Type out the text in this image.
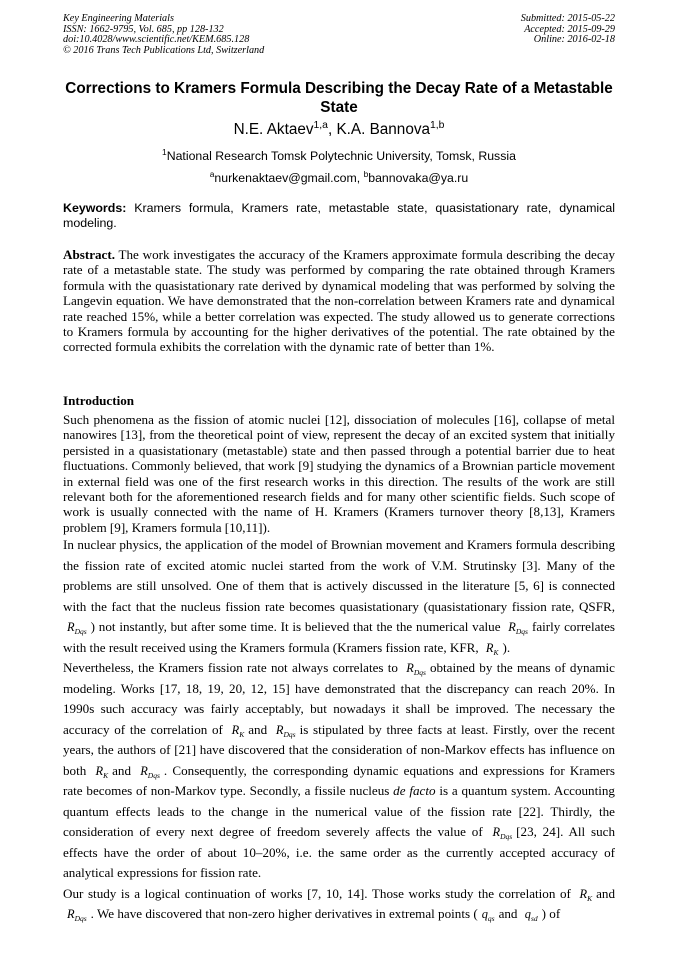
Key Engineering Materials
ISSN: 1662-9795, Vol. 685, pp 128-132
doi:10.4028/www.scientific.net/KEM.685.128
© 2016 Trans Tech Publications Ltd, Switzerland
Submitted: 2015-05-22
Accepted: 2015-09-29
Online: 2016-02-18
Corrections to Kramers Formula Describing the Decay Rate of a Metastable State
N.E. Aktaev$^{1,a}$, K.A. Bannova$^{1,b}$
$^1$National Research Tomsk Polytechnic University, Tomsk, Russia
$^a$nurkenaktaev@gmail.com, $^b$bannovaka@ya.ru
Keywords: Kramers formula, Kramers rate, metastable state, quasistationary rate, dynamical modeling.
Abstract. The work investigates the accuracy of the Kramers approximate formula describing the decay rate of a metastable state. The study was performed by comparing the rate obtained through Kramers formula with the quasistationary rate derived by dynamical modeling that was performed by solving the Langevin equation. We have demonstrated that the non-correlation between Kramers rate and dynamical rate reached 15%, while a better correlation was expected. The study allowed us to generate corrections to Kramers formula by accounting for the higher derivatives of the potential. The rate obtained by the corrected formula exhibits the correlation with the dynamic rate of better than 1%.
Introduction

Such phenomena as the fission of atomic nuclei [12], dissociation of molecules [16], collapse of metal nanowires [13], from the theoretical point of view, represent the decay of an excited system that initially persisted in a quasistationary (metastable) state and then passed through a potential barrier due to heat fluctuations. Commonly believed, that work [9] studying the dynamics of a Brownian particle movement in external field was one of the first research works in this direction. The results of the work are still relevant both for the aforementioned research fields and for many other scientific fields. Such scope of work is usually connected with the name of H. Kramers (Kramers turnover theory [8,13], Kramers problem [9], Kramers formula [10,11]).

In nuclear physics, the application of the model of Brownian movement and Kramers formula describing the fission rate of excited atomic nuclei started from the work of V.M. Strutinsky [3]. Many of the problems are still unsolved. One of them that is actively discussed in the literature [5, 6] is connected with the fact that the nucleus fission rate becomes quasistationary (quasistationary fission rate, QSFR, $R_{Dqs}$ ) not instantly, but after some time. It is believed that the the numerical value $R_{Dqs}$ fairly correlates with the result received using the Kramers formula (Kramers fission rate, KFR, $R_K$ ).

Nevertheless, the Kramers fission rate not always correlates to $R_{Dqs}$ obtained by the means of dynamic modeling. Works [17, 18, 19, 20, 12, 15] have demonstrated that the discrepancy can reach 20%. In 1990s such accuracy was fairly acceptably, but nowadays it shall be improved. The necessary the accuracy of the correlation of $R_K$ and $R_{Dqs}$ is stipulated by three facts at least. Firstly, over the recent years, the authors of [21] have discovered that the consideration of non-Markov effects has influence on both $R_K$ and $R_{Dqs}$ . Consequently, the corresponding dynamic equations and expressions for Kramers rate becomes of non-Markov type. Secondly, a fissile nucleus de facto is a quantum system. Accounting quantum effects leads to the change in the numerical value of the fission rate [22]. Thirdly, the consideration of every next degree of freedom severely affects the value of $R_{Dqs}$ [23, 24]. All such effects have the order of about 10–20%, i.e. the same order as the currently accepted accuracy of analytical expressions for fission rate.

Our study is a logical continuation of works [7, 10, 14]. Those works study the correlation of $R_K$ and $R_{Dqs}$ . We have discovered that non-zero higher derivatives in extremal points ( $q_{qs}$ and $q_{sd}$ ) of
